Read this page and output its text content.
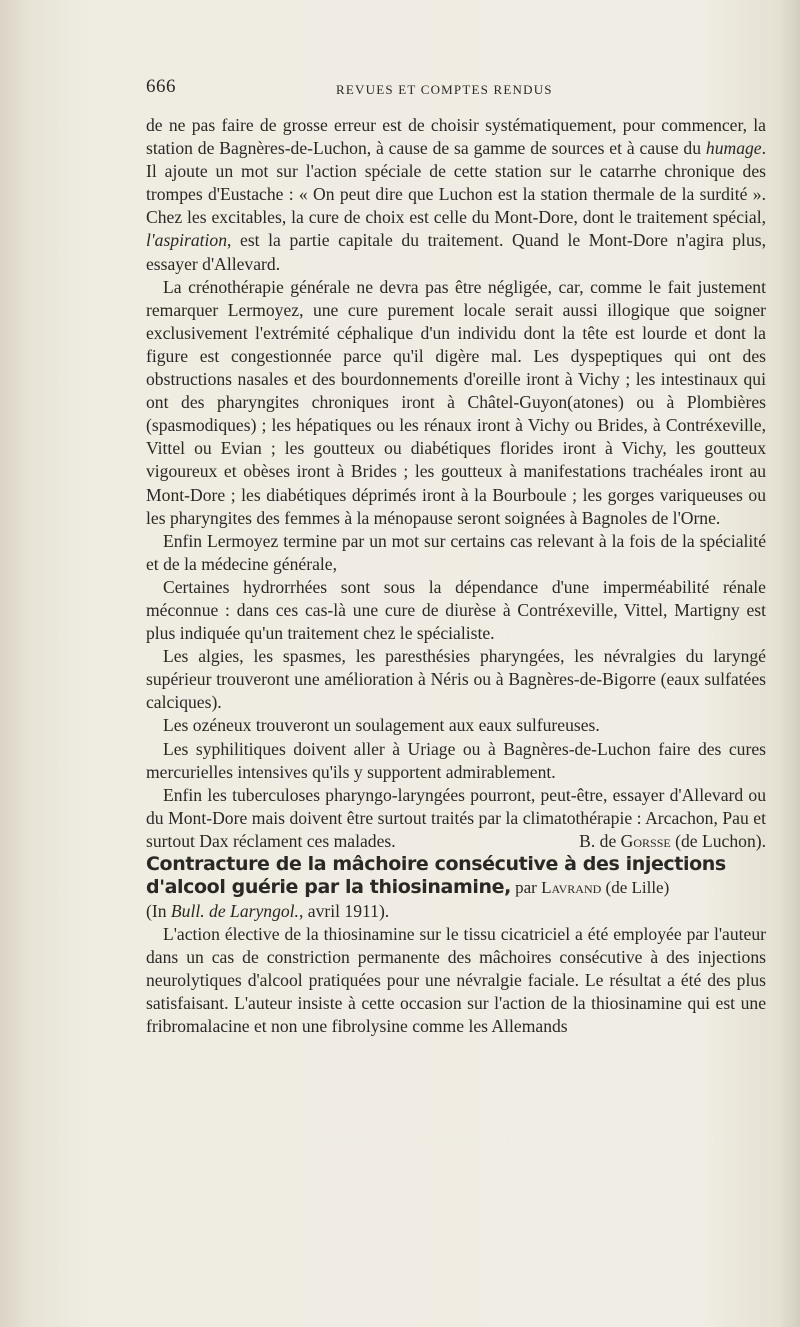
666	REVUES ET COMPTES RENDUS

de ne pas faire de grosse erreur est de choisir systématiquement, pour commencer, la station de Bagnères-de-Luchon, à cause de sa gamme de sources et à cause du humage. Il ajoute un mot sur l'action spéciale de cette station sur le catarrhe chronique des trompes d'Eustache : « On peut dire que Luchon est la station thermale de la surdité ». Chez les excitables, la cure de choix est celle du Mont-Dore, dont le traitement spécial, l'aspiration, est la partie capitale du traitement. Quand le Mont-Dore n'agira plus, essayer d'Allevard.

La crénothérapie générale ne devra pas être négligée, car, comme le fait justement remarquer Lermoyez, une cure purement locale serait aussi illogique que soigner exclusivement l'extrémité céphalique d'un individu dont la tête est lourde et dont la figure est congestionnée parce qu'il digère mal. Les dyspeptiques qui ont des obstructions nasales et des bourdonnements d'oreille iront à Vichy ; les intestinaux qui ont des pharyngites chroniques iront à Châtel-Guyon(atones) ou à Plombières (spasmodiques) ; les hépatiques ou les rénaux iront à Vichy ou Brides, à Contréxeville, Vittel ou Evian ; les goutteux ou diabétiques florides iront à Vichy, les goutteux vigoureux et obèses iront à Brides ; les goutteux à manifestations trachéales iront au Mont-Dore ; les diabétiques déprimés iront à la Bourboule ; les gorges variqueuses ou les pharyngites des femmes à la ménopause seront soignées à Bagnoles de l'Orne.

Enfin Lermoyez termine par un mot sur certains cas relevant à la fois de la spécialité et de la médecine générale,

Certaines hydrorrhées sont sous la dépendance d'une imperméabilité rénale méconnue : dans ces cas-là une cure de diurèse à Contréxeville, Vittel, Martigny est plus indiquée qu'un traitement chez le spécialiste.

Les algies, les spasmes, les paresthésies pharyngées, les névralgies du laryngé supérieur trouveront une amélioration à Néris ou à Bagnères-de-Bigorre (eaux sulfatées calciques).

Les ozéneux trouveront un soulagement aux eaux sulfureuses.

Les syphilitiques doivent aller à Uriage ou à Bagnères-de-Luchon faire des cures mercurielles intensives qu'ils y supportent admirablement.

Enfin les tuberculoses pharyngo-laryngées pourront, peut-être, essayer d'Allevard ou du Mont-Dore mais doivent être surtout traités par la climatothérapie : Arcachon, Pau et surtout Dax réclament ces malades.	B. de Gorsse (de Luchon).

Contracture de la mâchoire consécutive à des injections

d'alcool guérie par la thiosinamine, par Lavrand (de Lille)

(In Bull. de Laryngol., avril 1911).

L'action élective de la thiosinamine sur le tissu cicatriciel a été employée par l'auteur dans un cas de constriction permanente des mâchoires consécutive à des injections neurolytiques d'alcool pratiquées pour une névralgie faciale. Le résultat a été des plus satisfaisant. L'auteur insiste à cette occasion sur l'action de la thiosinamine qui est une fribromalacine et non une fibrolysine comme les Allemands
